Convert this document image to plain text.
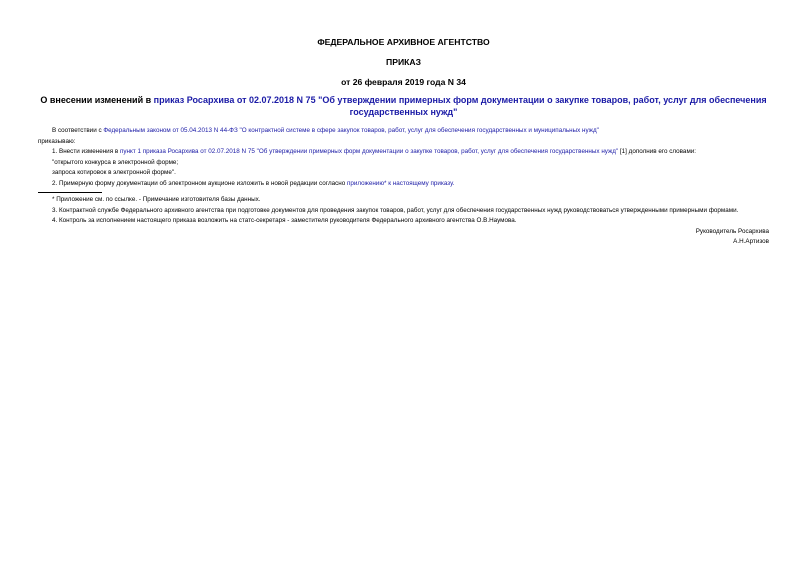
ФЕДЕРАЛЬНОЕ АРХИВНОЕ АГЕНТСТВО
ПРИКАЗ
от 26 февраля 2019 года N 34
О внесении изменений в приказ Росархива от 02.07.2018 N 75 "Об утверждении примерных форм документации о закупке товаров, работ, услуг для обеспечения государственных нужд"

В соответствии с Федеральным законом от 05.04.2013 N 44-ФЗ "О контрактной системе в сфере закупок товаров, работ, услуг для обеспечения государственных и муниципальных нужд"

приказываю:

1. Внести изменения в пункт 1 приказа Росархива от 02.07.2018 N 75 "Об утверждении примерных форм документации о закупке товаров, работ, услуг для обеспечения государственных нужд" [1] дополнив его словами:

"открытого конкурса в электронной форме;

запроса котировок в электронной форме".

2. Примерную форму документации об электронном аукционе изложить в новой редакции согласно приложению* к настоящему приказу.

* Приложение см. по ссылке. - Примечание изготовителя базы данных.

3. Контрактной службе Федерального архивного агентства при подготовке документов для проведения закупок товаров, работ, услуг для обеспечения государственных нужд руководствоваться утвержденными примерными формами.

4. Контроль за исполнением настоящего приказа возложить на статс-секретаря - заместителя руководителя Федерального архивного агентства О.В.Наумова.

Руководитель Росархива

А.Н.Артизов
